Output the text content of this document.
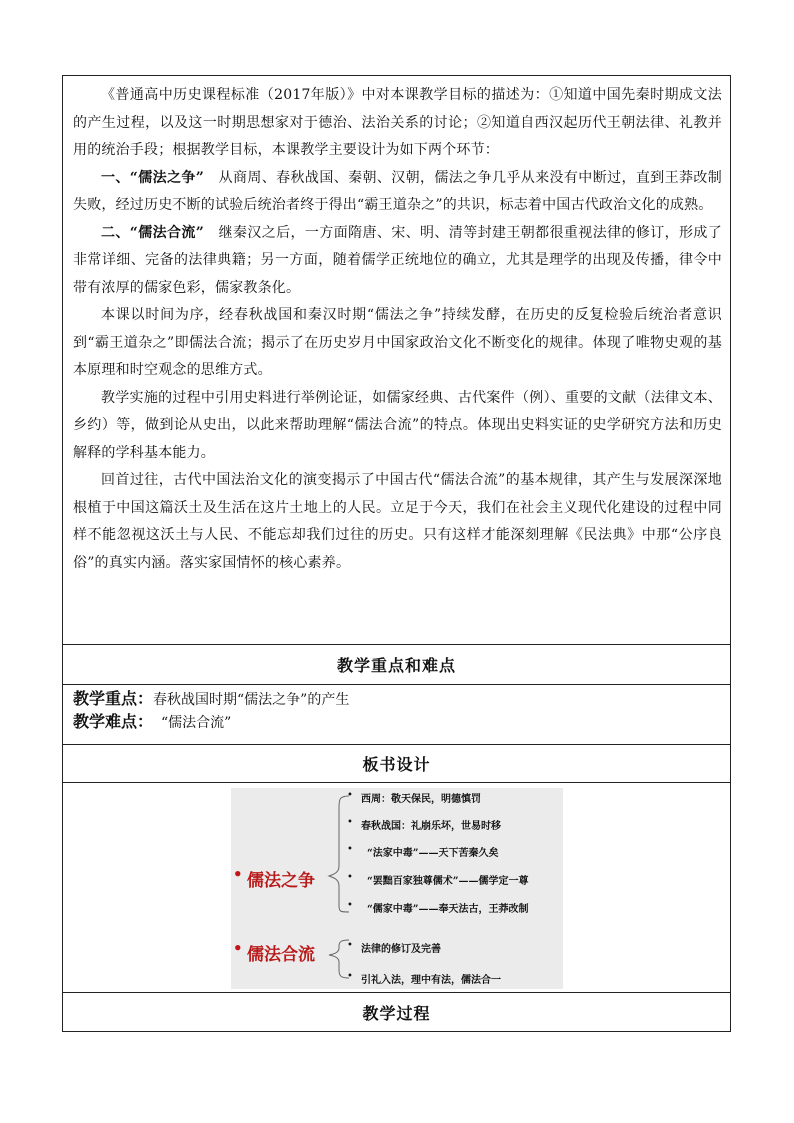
《普通高中历史课程标准（2017年版）》中对本课教学目标的描述为：①知道中国先秦时期成文法的产生过程，以及这一时期思想家对于德治、法治关系的讨论；②知道自西汉起历代王朝法律、礼教并用的统治手段；根据教学目标，本课教学主要设计为如下两个环节：

一、“儒法之争”　从商周、春秋战国、秦朝、汉朝，儒法之争几乎从来没有中断过，直到王莽改制失败，经过历史不断的试验后统治者终于得出“霸王道杂之”的共识，标志着中国古代政治文化的成熟。

二、“儒法合流”　继秦汉之后，一方面隋唐、宋、明、清等封建王朝都很重视法律的修订，形成了非常详细、完备的法律典籍；另一方面，随着儒学正统地位的确立，尤其是理学的出现及传播，律令中带有浓厚的儒家色彩，儒家教条化。

本课以时间为序，经春秋战国和秦汉时期“儒法之争”持续发酵，在历史的反复检验后统治者意识到“霸王道杂之”即儒法合流；揭示了在历史岁月中国家政治文化不断变化的规律。体现了唯物史观的基本原理和时空观念的思维方式。

教学实施的过程中引用史料进行举例论证，如儒家经典、古代案件（例）、重要的文献（法律文本、乡约）等，做到论从史出，以此来帮助理解“儒法合流”的特点。体现出史料实证的史学研究方法和历史解释的学科基本能力。

回首过往，古代中国法治文化的演变揭示了中国古代“儒法合流”的基本规律，其产生与发展深深地根植于中国这篇沃土及生活在这片土地上的人民。立足于今天，我们在社会主义现代化建设的过程中同样不能忽视这沃土与人民、不能忘却我们过往的历史。只有这样才能深刻理解《民法典》中那“公序良俗”的真实内涵。落实家国情怀的核心素养。

教学重点和难点
教学重点：春秋战国时期“儒法之争”的产生
教学难点： “儒法合流”
板书设计
• 儒法之争
• 西周：敬天保民，明德慎罚
• 春秋战国：礼崩乐坏，世易时移
• “法家中毒”——天下苦秦久矣
• “罢黜百家独尊儒术”——儒学定一尊
• “儒家中毒”——奉天法古，王莽改制
• 儒法合流	• 法律的修订及完善
• 引礼入法，理中有法，儒法合一
教学过程
